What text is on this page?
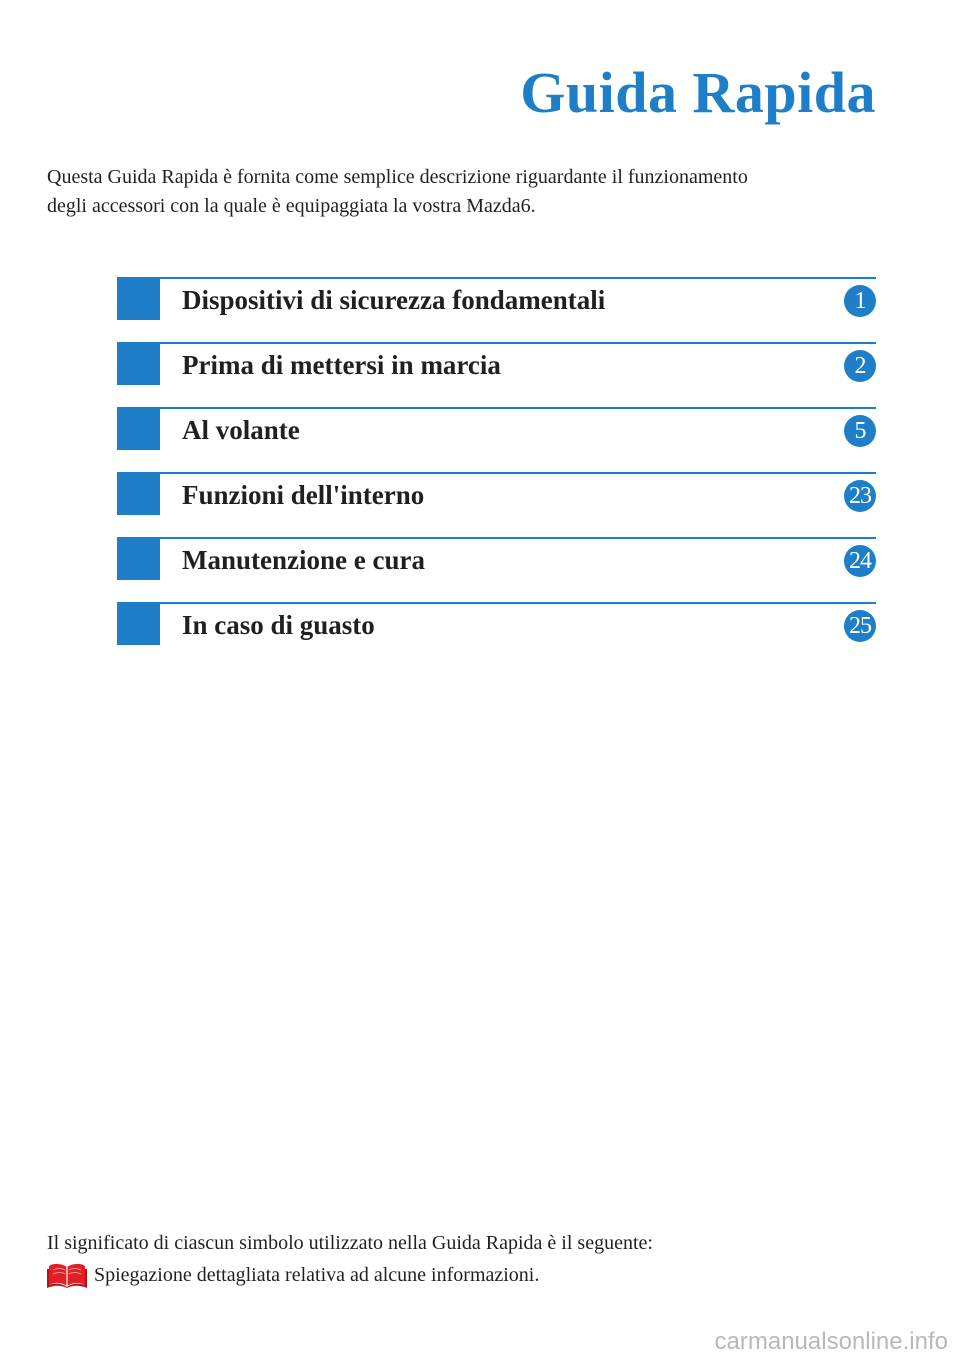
Guida Rapida

Questa Guida Rapida è fornita come semplice descrizione riguardante il funzionamento
degli accessori con la quale è equipaggiata la vostra Mazda6.

Dispositivi di sicurezza fondamentali	1
Prima di mettersi in marcia	2
Al volante	5
Funzioni dell'interno	23
Manutenzione e cura	24
In caso di guasto	25
Il significato di ciascun simbolo utilizzato nella Guida Rapida è il seguente:
Spiegazione dettagliata relativa ad alcune informazioni.
carmanualsonline.info
